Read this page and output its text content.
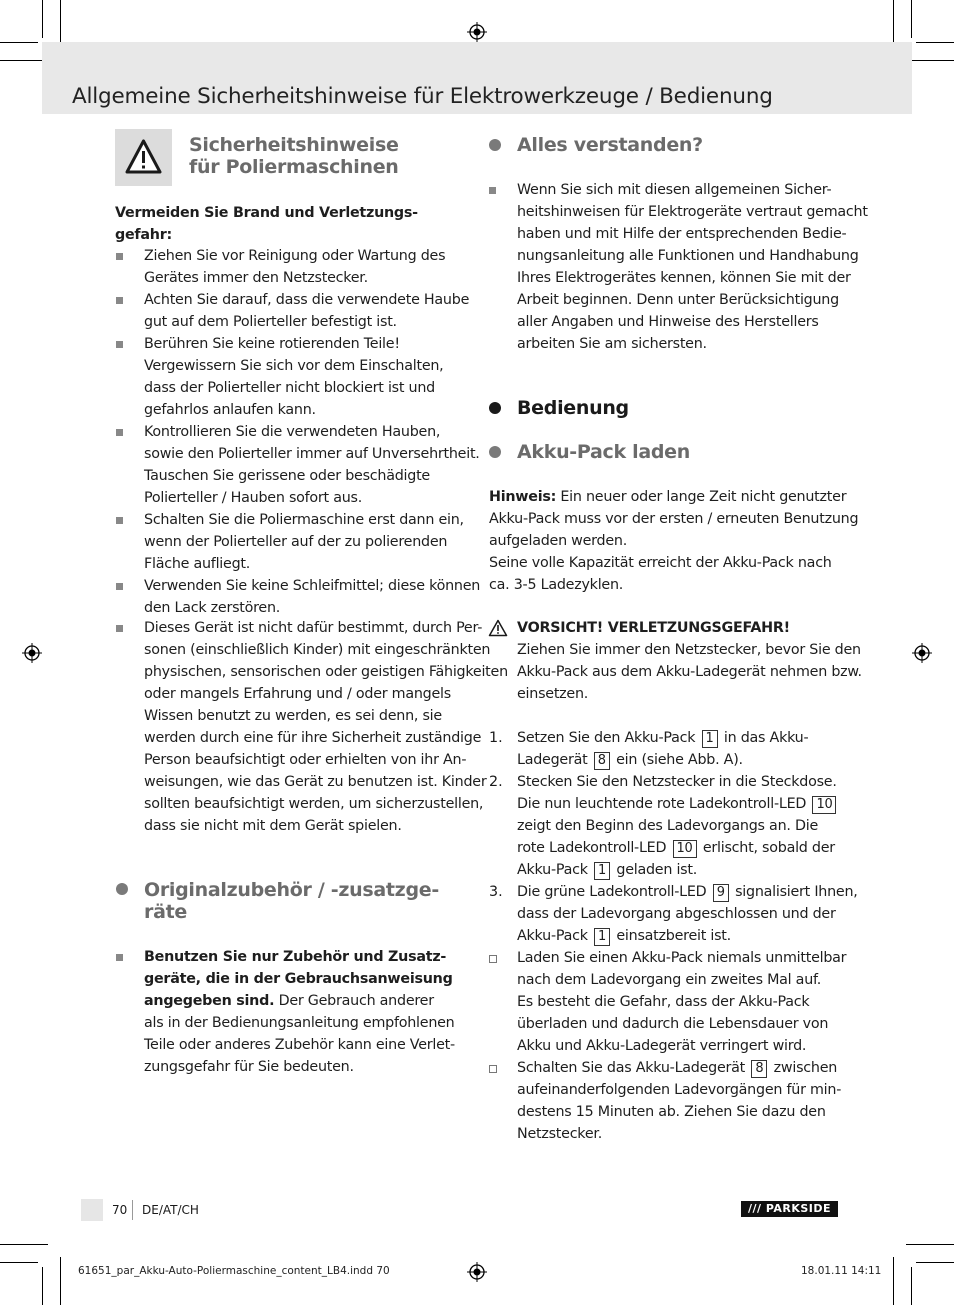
Allgemeine Sicherheitshinweise für Elektrowerkzeuge / Bedienung
Sicherheitshinweise
für Poliermaschinen

Vermeiden Sie Brand und Verletzungs-

gefahr:

Ziehen Sie vor Reinigung oder Wartung des

Gerätes immer den Netzstecker.

Achten Sie darauf, dass die verwendete Haube

gut auf dem Polierteller befestigt ist.

Berühren Sie keine rotierenden Teile!

Vergewissern Sie sich vor dem Einschalten,

dass der Polierteller nicht blockiert ist und

gefahrlos anlaufen kann.

Kontrollieren Sie die verwendeten Hauben,

sowie den Polierteller immer auf Unversehrtheit.

Tauschen Sie gerissene oder beschädigte

Polierteller / Hauben sofort aus.

Schalten Sie die Poliermaschine erst dann ein,

wenn der Polierteller auf der zu polierenden

Fläche aufliegt.

Verwenden Sie keine Schleifmittel; diese können

den Lack zerstören.

Dieses Gerät ist nicht dafür bestimmt, durch Per-

sonen (einschließlich Kinder) mit eingeschränkten

physischen, sensorischen oder geistigen Fähigkeiten

oder mangels Erfahrung und / oder mangels

Wissen benutzt zu werden, es sei denn, sie

werden durch eine für ihre Sicherheit zuständige

Person beaufsichtigt oder erhielten von ihr An-

weisungen, wie das Gerät zu benutzen ist. Kinder

sollten beaufsichtigt werden, um sicherzustellen,

dass sie nicht mit dem Gerät spielen.

Originalzubehör / -zusatzge-
räte

Benutzen Sie nur Zubehör und Zusatz-

geräte, die in der Gebrauchsanweisung

angegeben sind. Der Gebrauch anderer

als in der Bedienungsanleitung empfohlenen

Teile oder anderes Zubehör kann eine Verlet-

zungsgefahr für Sie bedeuten.

Alles verstanden?

Wenn Sie sich mit diesen allgemeinen Sicher-

heitshinweisen für Elektrogeräte vertraut gemacht

haben und mit Hilfe der entsprechenden Bedie-

nungsanleitung alle Funktionen und Handhabung

Ihres Elektrogerätes kennen, können Sie mit der

Arbeit beginnen. Denn unter Berücksichtigung

aller Angaben und Hinweise des Herstellers

arbeiten Sie am sichersten.

Bedienung
Akku-Pack laden

Hinweis: Ein neuer oder lange Zeit nicht genutzter

Akku-Pack muss vor der ersten / erneuten Benutzung

aufgeladen werden.

Seine volle Kapazität erreicht der Akku-Pack nach

ca. 3-5 Ladezyklen.

VORSICHT! VERLETZUNGSGEFAHR!

Ziehen Sie immer den Netzstecker, bevor Sie den

Akku-Pack aus dem Akku-Ladegerät nehmen bzw.

einsetzen.

1.
2.
3.

Setzen Sie den Akku-Pack 1 in das Akku-

Ladegerät 8 ein (siehe Abb. A).

Stecken Sie den Netzstecker in die Steckdose.

Die nun leuchtende rote Ladekontroll-LED 10

zeigt den Beginn des Ladevorgangs an. Die

rote Ladekontroll-LED 10 erlischt, sobald der

Akku-Pack 1 geladen ist.

Die grüne Ladekontroll-LED 9 signalisiert Ihnen,

dass der Ladevorgang abgeschlossen und der

Akku-Pack 1 einsatzbereit ist.

Laden Sie einen Akku-Pack niemals unmittelbar

nach dem Ladevorgang ein zweites Mal auf.

Es besteht die Gefahr, dass der Akku-Pack

überladen und dadurch die Lebensdauer von

Akku und Akku-Ladegerät verringert wird.

Schalten Sie das Akku-Ladegerät 8 zwischen

aufeinanderfolgenden Ladevorgängen für min-

destens 15 Minuten ab. Ziehen Sie dazu den

Netzstecker.

70 DE/AT/CH	/// PARKSIDE
61651_par_Akku-Auto-Poliermaschine_content_LB4.indd 70	18.01.11 14:11
